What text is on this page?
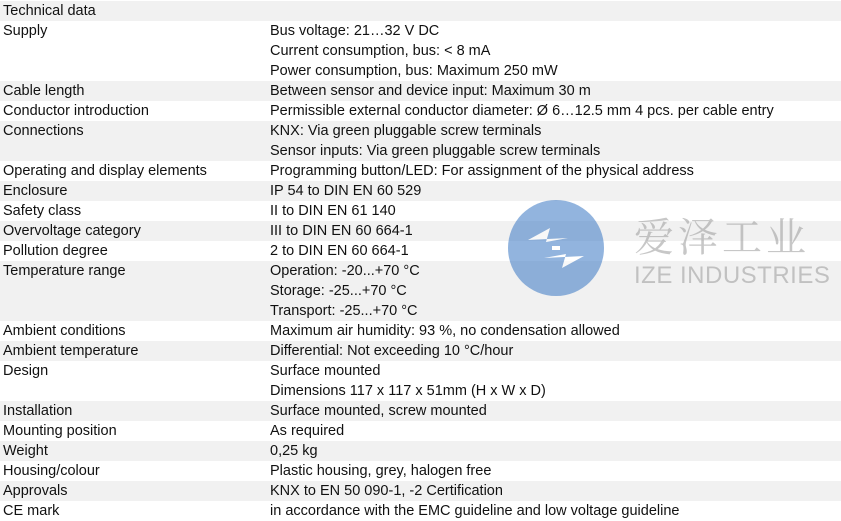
Technical data
Supply	Bus voltage: 21…32 V DC
Current consumption, bus: < 8 mA
Power consumption, bus: Maximum 250 mW
Cable length	Between sensor and device input: Maximum 30 m
Conductor introduction	Permissible external conductor diameter: Ø 6…12.5 mm 4 pcs. per cable entry
Connections	KNX: Via green pluggable screw terminals
Sensor inputs: Via green pluggable screw terminals
Operating and display elements	Programming button/LED: For assignment of the physical address
Enclosure	IP 54 to DIN EN 60 529
Safety class	II to DIN EN 61 140
Overvoltage category	III to DIN EN 60 664-1
Pollution degree	2 to DIN EN 60 664-1
Temperature range	Operation: -20...+70 °C
Storage: -25...+70 °C
Transport: -25...+70 °C
Ambient conditions	Maximum air humidity: 93 %, no condensation allowed
Ambient temperature	Differential: Not exceeding 10 °C/hour
Design	Surface mounted
Dimensions 117 x 117 x 51mm (H x W x D)
Installation	Surface mounted, screw mounted
Mounting position	As required
Weight	0,25 kg
Housing/colour	Plastic housing, grey, halogen free
Approvals	KNX to EN 50 090-1, -2 Certification
CE mark	in accordance with the EMC guideline and low voltage guideline
爱泽工业
IZE INDUSTRIES
